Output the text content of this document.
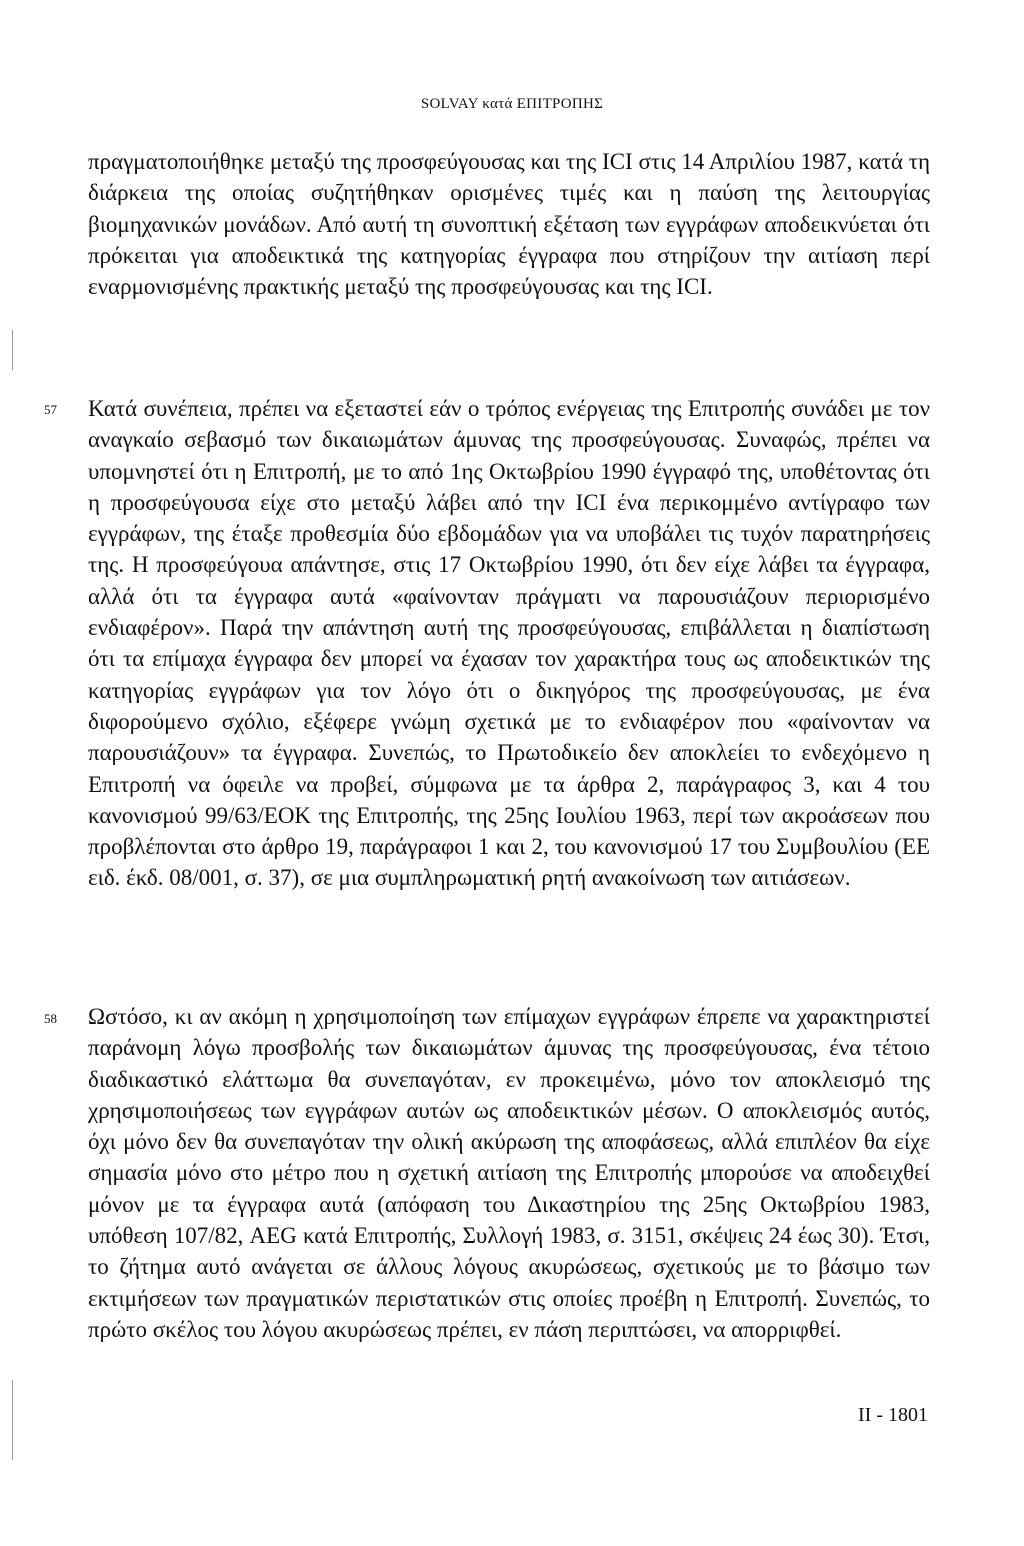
SOLVAY κατά ΕΠΙΤΡΟΠΗΣ

πραγματοποιήθηκε μεταξύ της προσφεύγουσας και της ICI στις 14 Απριλίου 1987, κατά τη διάρκεια της οποίας συζητήθηκαν ορισμένες τιμές και η παύση της λειτουργίας βιομηχανικών μονάδων. Από αυτή τη συνοπτική εξέταση των εγγράφων αποδεικνύεται ότι πρόκειται για αποδεικτικά της κατηγορίας έγγραφα που στηρίζουν την αιτίαση περί εναρμονισμένης πρακτικής μεταξύ της προσφεύγουσας και της ICI.

57 Κατά συνέπεια, πρέπει να εξεταστεί εάν ο τρόπος ενέργειας της Επιτροπής συνάδει με τον αναγκαίο σεβασμό των δικαιωμάτων άμυνας της προσφεύγουσας. Συναφώς, πρέπει να υπομνηστεί ότι η Επιτροπή, με το από 1ης Οκτωβρίου 1990 έγγραφό της, υποθέτοντας ότι η προσφεύγουσα είχε στο μεταξύ λάβει από την ICI ένα περικομμένο αντίγραφο των εγγράφων, της έταξε προθεσμία δύο εβδομάδων για να υποβάλει τις τυχόν παρατηρήσεις της. Η προσφεύγουα απάντησε, στις 17 Οκτωβρίου 1990, ότι δεν είχε λάβει τα έγγραφα, αλλά ότι τα έγγραφα αυτά «φαίνονταν πράγματι να παρουσιάζουν περιορισμένο ενδιαφέρον». Παρά την απάντηση αυτή της προσφεύγουσας, επιβάλλεται η διαπίστωση ότι τα επίμαχα έγγραφα δεν μπορεί να έχασαν τον χαρακτήρα τους ως αποδεικτικών της κατηγορίας εγγράφων για τον λόγο ότι ο δικηγόρος της προσφεύγουσας, με ένα διφορούμενο σχόλιο, εξέφερε γνώμη σχετικά με το ενδιαφέρον που «φαίνονταν να παρουσιάζουν» τα έγγραφα. Συνεπώς, το Πρωτοδικείο δεν αποκλείει το ενδεχόμενο η Επιτροπή να όφειλε να προβεί, σύμφωνα με τα άρθρα 2, παράγραφος 3, και 4 του κανονισμού 99/63/ΕΟΚ της Επιτροπής, της 25ης Ιουλίου 1963, περί των ακροάσεων που προβλέπονται στο άρθρο 19, παράγραφοι 1 και 2, του κανονισμού 17 του Συμβουλίου (ΕΕ ειδ. έκδ. 08/001, σ. 37), σε μια συμπληρωματική ρητή ανακοίνωση των αιτιάσεων.

58 Ωστόσο, κι αν ακόμη η χρησιμοποίηση των επίμαχων εγγράφων έπρεπε να χαρακτηριστεί παράνομη λόγω προσβολής των δικαιωμάτων άμυνας της προσφεύγουσας, ένα τέτοιο διαδικαστικό ελάττωμα θα συνεπαγόταν, εν προκειμένω, μόνο τον αποκλεισμό της χρησιμοποιήσεως των εγγράφων αυτών ως αποδεικτικών μέσων. Ο αποκλεισμός αυτός, όχι μόνο δεν θα συνεπαγόταν την ολική ακύρωση της αποφάσεως, αλλά επιπλέον θα είχε σημασία μόνο στο μέτρο που η σχετική αιτίαση της Επιτροπής μπορούσε να αποδειχθεί μόνον με τα έγγραφα αυτά (απόφαση του Δικαστηρίου της 25ης Οκτωβρίου 1983, υπόθεση 107/82, AEG κατά Επιτροπής, Συλλογή 1983, σ. 3151, σκέψεις 24 έως 30). Έτσι, το ζήτημα αυτό ανάγεται σε άλλους λόγους ακυρώσεως, σχετικούς με το βάσιμο των εκτιμήσεων των πραγματικών περιστατικών στις οποίες προέβη η Επιτροπή. Συνεπώς, το πρώτο σκέλος του λόγου ακυρώσεως πρέπει, εν πάση περιπτώσει, να απορριφθεί.

II - 1801
